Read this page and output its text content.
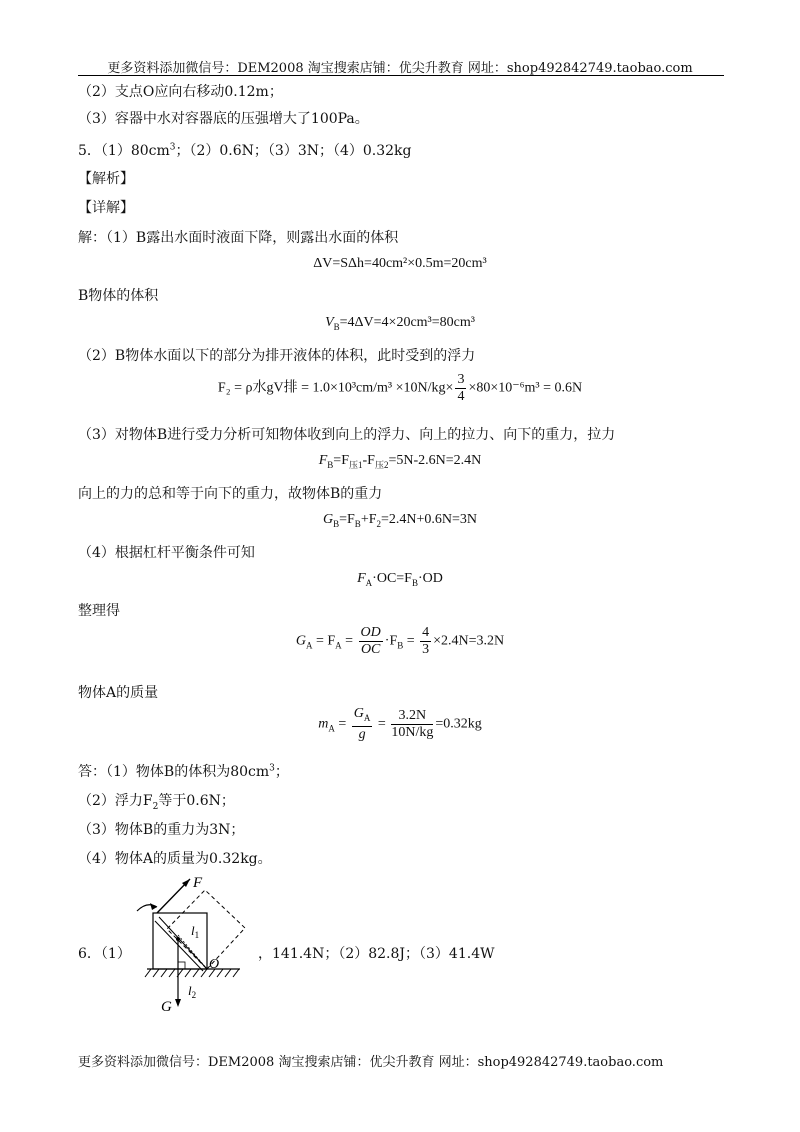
更多资料添加微信号：DEM2008 淘宝搜索店铺：优尖升教育 网址：shop492842749.taobao.com
（2）支点O应向右移动0.12m；
（3）容器中水对容器底的压强增大了100Pa。
5．$(1)80cm^3$；（2）0.6N；（3）3N；（4）0.32kg
【解析】
【详解】
解：（1）B露出水面时液面下降，则露出水面的体积
ΔV=SΔh=40cm²×0.5m=20cm³
B物体的体积
$V_B=4\Delta V=4\times 20cm^3=80cm^3$
（2）B物体水面以下的部分为排开液体的体积，此时受到的浮力
F₂ = ρ水gV排 = $1.0\times 10^3cm/m^3 \times 10N/kg\times \frac{3}{4} \times 80\times 10^{-6}m^3 = 0.6N$
（3）对物体B进行受力分析可知物体收到向上的浮力、向上的拉力、向下的重力，拉力
$F_B=F_{压1}-F_{压2}=5N-2.6N=2.4N$
向上的力的总和等于向下的重力，故物体B的重力
$G_B=F_B+F_2=2.4N+0.6N=3N$
（4）根据杠杆平衡条件可知
$F_A\cdot OC=F_B\cdot OD$
整理得
$G_A = F_A = \frac{OD}{OC} \cdot F_B = \frac{4}{3} \times 2.4N=3.2N$
物体A的质量
$m_A = \frac{G_A}{g} = \frac{3.2N}{10N/kg} =0.32kg$
答：（1）物体B的体积为$80cm^3$；
（2）浮力$F_2$等于0.6N；
（3）物体B的重力为3N；
（4）物体A的质量为0.32kg。
6．（1）	，141.4N；（2）82.8J；（3）41.4W
F
$l_1$
O
$l_2$
G
更多资料添加微信号：DEM2008 淘宝搜索店铺：优尖升教育 网址：shop492842749.taobao.com
